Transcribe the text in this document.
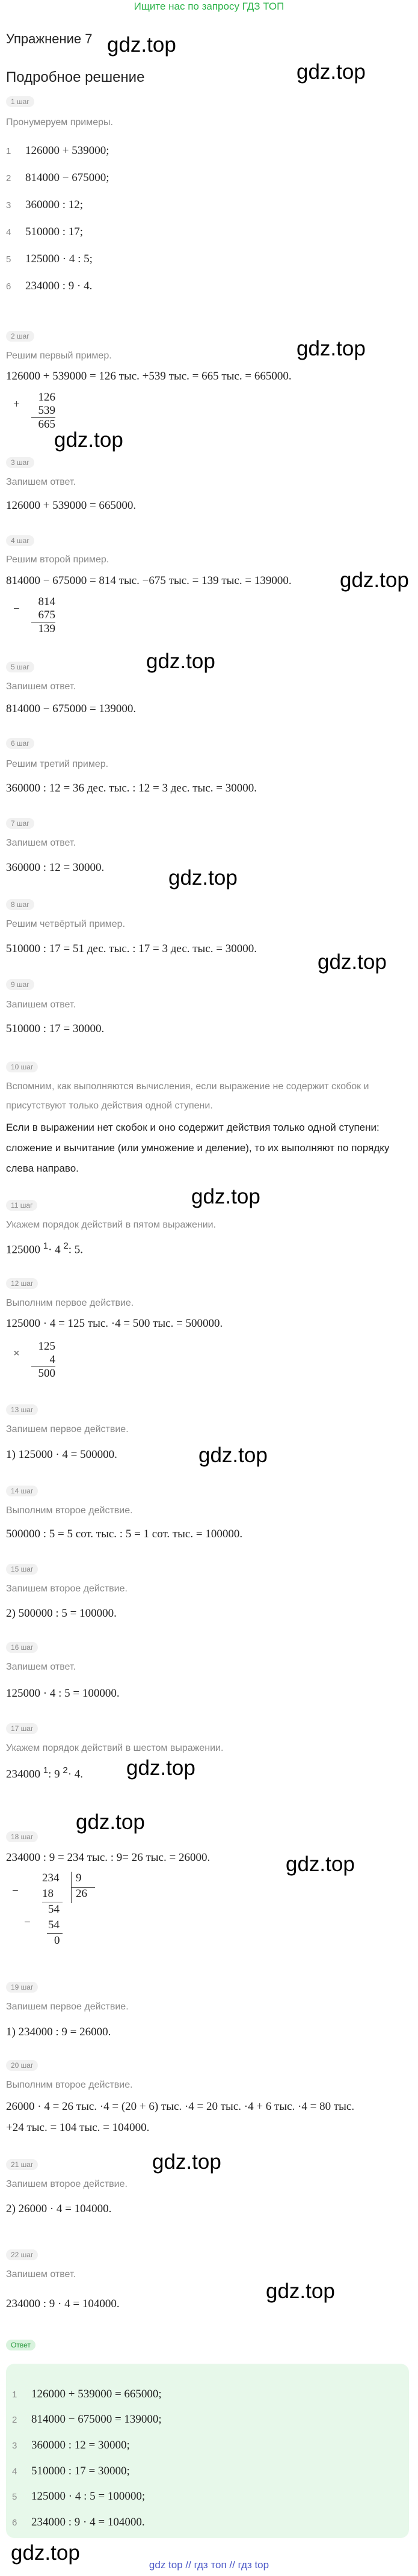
Ищите нас по запросу ГДЗ ТОП
Упражнение 7
Подробное решение
gdz.top
gdz.top
gdz.top
gdz.top
gdz.top
gdz.top
gdz.top
gdz.top
gdz.top
gdz.top
gdz.top
gdz.top
gdz.top
gdz.top
gdz.top
gdz.top
1 шаг
Пронумеруем примеры.
1 126000 + 539000;
2 814000 − 675000;
3 360000 : 12;
4 510000 : 17;
5 125000 · 4 : 5;
6 234000 : 9 · 4.
2 шаг
Решим первый пример.
126000 + 539000 = 126 тыс. +539 тыс. = 665 тыс. = 665000.
+
126
539
665
3 шаг
Запишем ответ.
126000 + 539000 = 665000.
4 шаг
Решим второй пример.
814000 − 675000 = 814 тыс. −675 тыс. = 139 тыс. = 139000.
−
814
675
139
5 шаг
Запишем ответ.
814000 − 675000 = 139000.
6 шаг
Решим третий пример.
360000 : 12 = 36 дес. тыс. : 12 = 3 дес. тыс. = 30000.
7 шаг
Запишем ответ.
360000 : 12 = 30000.
8 шаг
Решим четвёртый пример.
510000 : 17 = 51 дес. тыс. : 17 = 3 дес. тыс. = 30000.
9 шаг
Запишем ответ.
510000 : 17 = 30000.
10 шаг
Вспомним, как выполняются вычисления, если выражение не содержит скобок и
присутствуют только действия одной ступени.
Если в выражении нет скобок и оно содержит действия только одной ступени: сложение и вычитание (или умножение и деление), то их выполняют по порядку слева направо.
11 шаг
Укажем порядок действий в пятом выражении.
125000 $^1$· 4 $^2$: 5.
12 шаг
Выполним первое действие.
125000 · 4 = 125 тыс. ·4 = 500 тыс. = 500000.
×
125
4
500
13 шаг
Запишем первое действие.
1) 125000 · 4 = 500000.
14 шаг
Выполним второе действие.
500000 : 5 = 5 сот. тыс. : 5 = 1 сот. тыс. = 100000.
15 шаг
Запишем второе действие.
2) 500000 : 5 = 100000.
16 шаг
Запишем ответ.
125000 · 4 : 5 = 100000.
17 шаг
Укажем порядок действий в шестом выражении.
234000 $^1$: 9 $^2$· 4.
18 шаг
234000 : 9 = 234 тыс. : 9= 26 тыс. = 26000.
−
234
18
−
54
54
0
9
26
19 шаг
Запишем первое действие.
1) 234000 : 9 = 26000.
20 шаг
Выполним второе действие.
26000 · 4 = 26 тыс. ·4 = (20 + 6) тыс. ·4 = 20 тыс. ·4 + 6 тыс. ·4 = 80 тыс.
+24 тыс. = 104 тыс. = 104000.
21 шаг
Запишем второе действие.
2) 26000 · 4 = 104000.
22 шаг
Запишем ответ.
234000 : 9 · 4 = 104000.
Ответ
1 126000 + 539000 = 665000;
2 814000 − 675000 = 139000;
3 360000 : 12 = 30000;
4 510000 : 17 = 30000;
5 125000 · 4 : 5 = 100000;
6 234000 : 9 · 4 = 104000.
gdz top // гдз топ // гдз top
